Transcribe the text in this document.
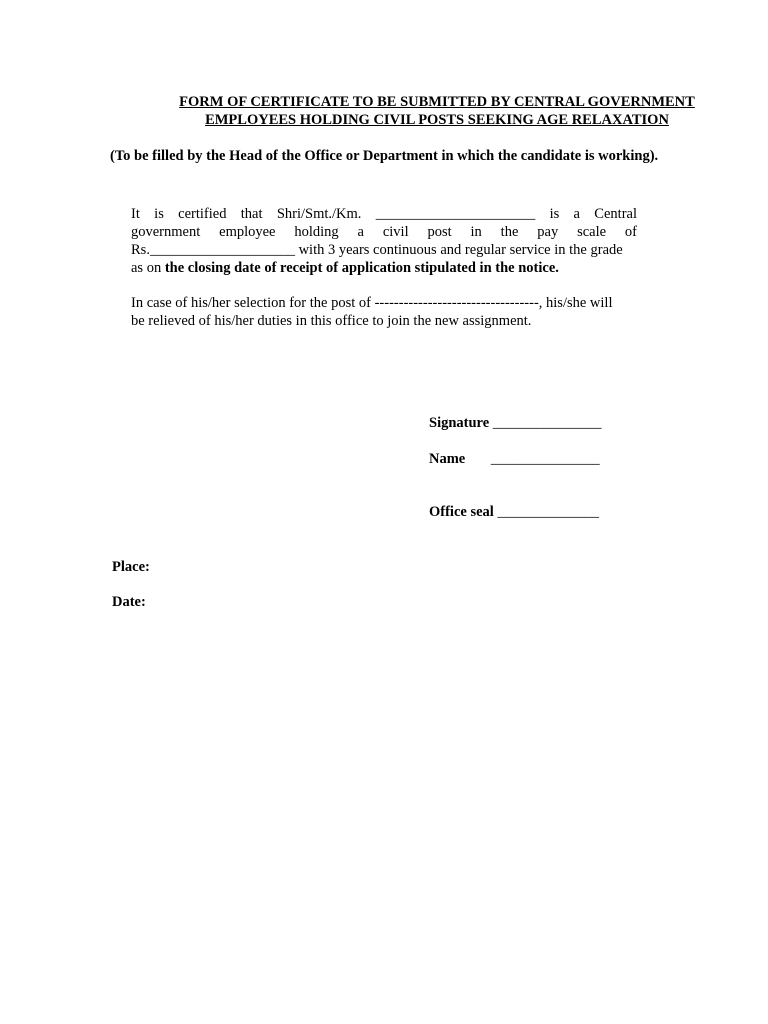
FORM OF CERTIFICATE TO BE SUBMITTED BY CENTRAL GOVERNMENT
EMPLOYEES HOLDING CIVIL POSTS SEEKING AGE RELAXATION
(To be filled by the Head of the Office or Department in which the candidate is working).
It is certified that Shri/Smt./Km. ______________________ is a Central
government employee holding a civil post in the pay scale of
Rs.____________________ with 3 years continuous and regular service in the grade
as on the closing date of receipt of application stipulated in the notice.
In case of his/her selection for the post of ----------------------------------, his/she will
be relieved of his/her duties in this office to join the new assignment.
Signature _______________
Name _______________
Office seal ______________
Place:
Date:
